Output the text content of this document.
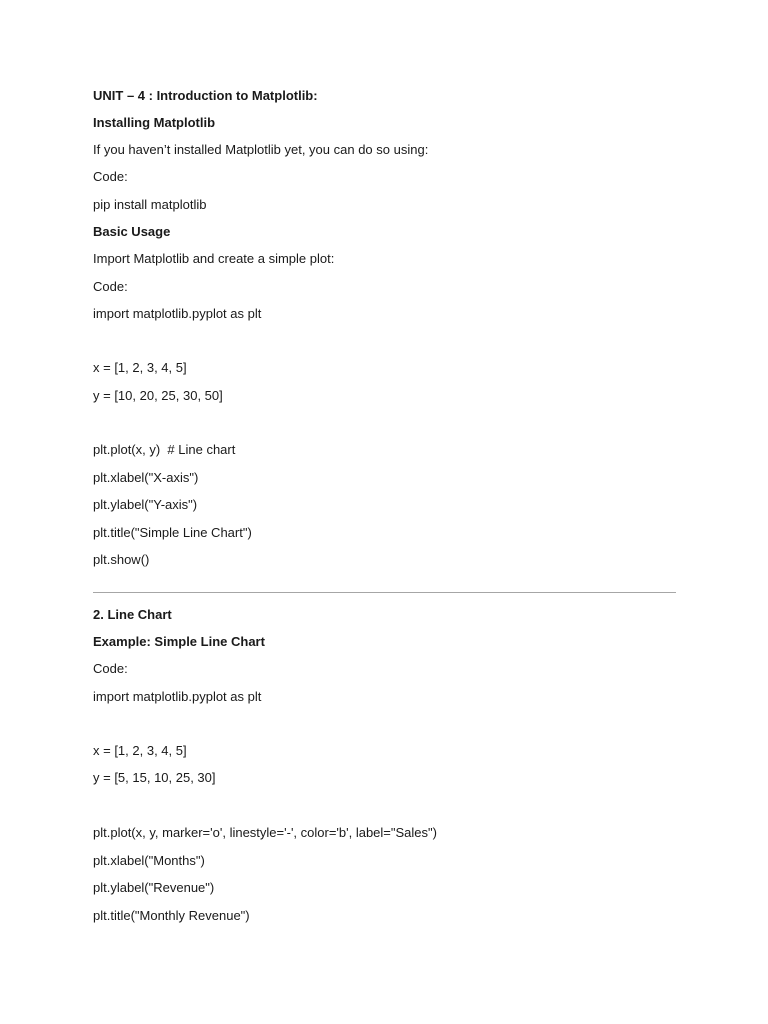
UNIT – 4 : Introduction to Matplotlib:
Installing Matplotlib
If you haven’t installed Matplotlib yet, you can do so using:
Code:
pip install matplotlib
Basic Usage
Import Matplotlib and create a simple plot:
Code:
import matplotlib.pyplot as plt
x = [1, 2, 3, 4, 5]
y = [10, 20, 25, 30, 50]
plt.plot(x, y)  # Line chart
plt.xlabel("X-axis")
plt.ylabel("Y-axis")
plt.title("Simple Line Chart")
plt.show()
2. Line Chart
Example: Simple Line Chart
Code:
import matplotlib.pyplot as plt
x = [1, 2, 3, 4, 5]
y = [5, 15, 10, 25, 30]
plt.plot(x, y, marker='o', linestyle='-', color='b', label="Sales")
plt.xlabel("Months")
plt.ylabel("Revenue")
plt.title("Monthly Revenue")
